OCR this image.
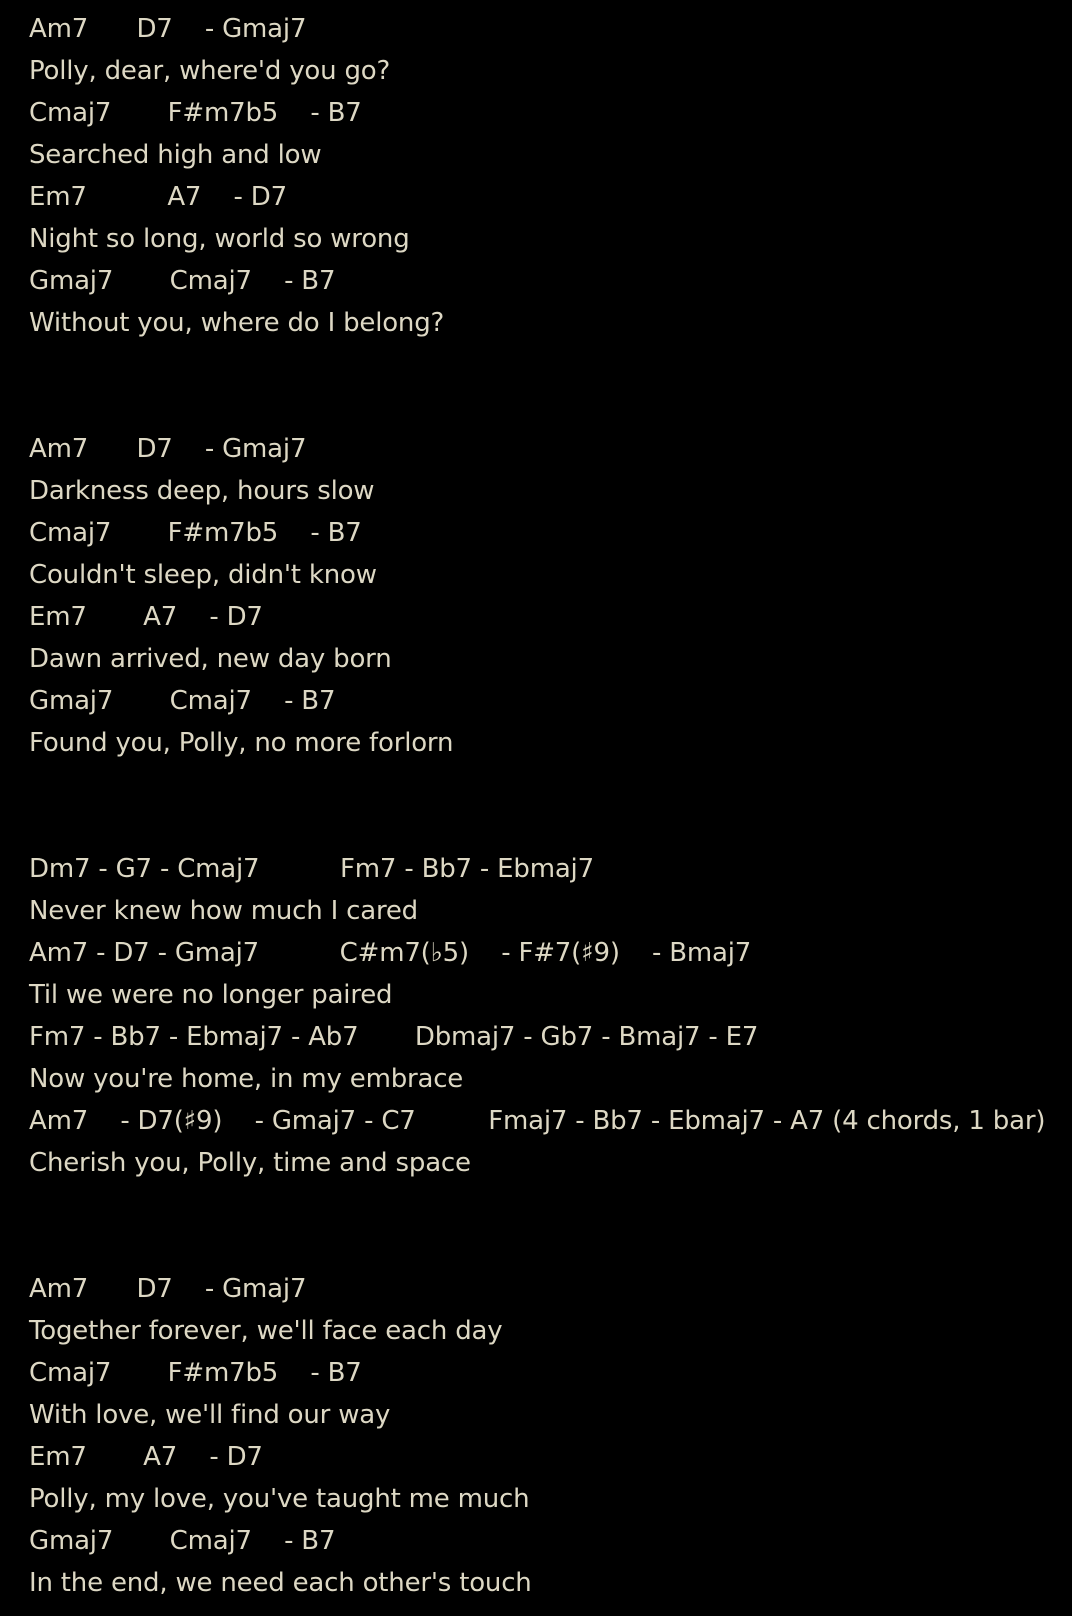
Am7      D7    - Gmaj7
Polly, dear, where'd you go?
Cmaj7       F#m7b5    - B7
Searched high and low
Em7          A7    - D7
Night so long, world so wrong
Gmaj7       Cmaj7    - B7
Without you, where do I belong?
Am7      D7    - Gmaj7
Darkness deep, hours slow
Cmaj7       F#m7b5    - B7
Couldn't sleep, didn't know
Em7       A7    - D7
Dawn arrived, new day born
Gmaj7       Cmaj7    - B7
Found you, Polly, no more forlorn
Dm7 - G7 - Cmaj7          Fm7 - Bb7 - Ebmaj7
Never knew how much I cared
Am7 - D7 - Gmaj7          C#m7(♭5)    - F#7(♯9)    - Bmaj7
Til we were no longer paired
Fm7 - Bb7 - Ebmaj7 - Ab7       Dbmaj7 - Gb7 - Bmaj7 - E7
Now you're home, in my embrace
Am7    - D7(♯9)    - Gmaj7 - C7         Fmaj7 - Bb7 - Ebmaj7 - A7 (4 chords, 1 bar)
Cherish you, Polly, time and space
Am7      D7    - Gmaj7
Together forever, we'll face each day
Cmaj7       F#m7b5    - B7
With love, we'll find our way
Em7       A7    - D7
Polly, my love, you've taught me much
Gmaj7       Cmaj7    - B7
In the end, we need each other's touch
